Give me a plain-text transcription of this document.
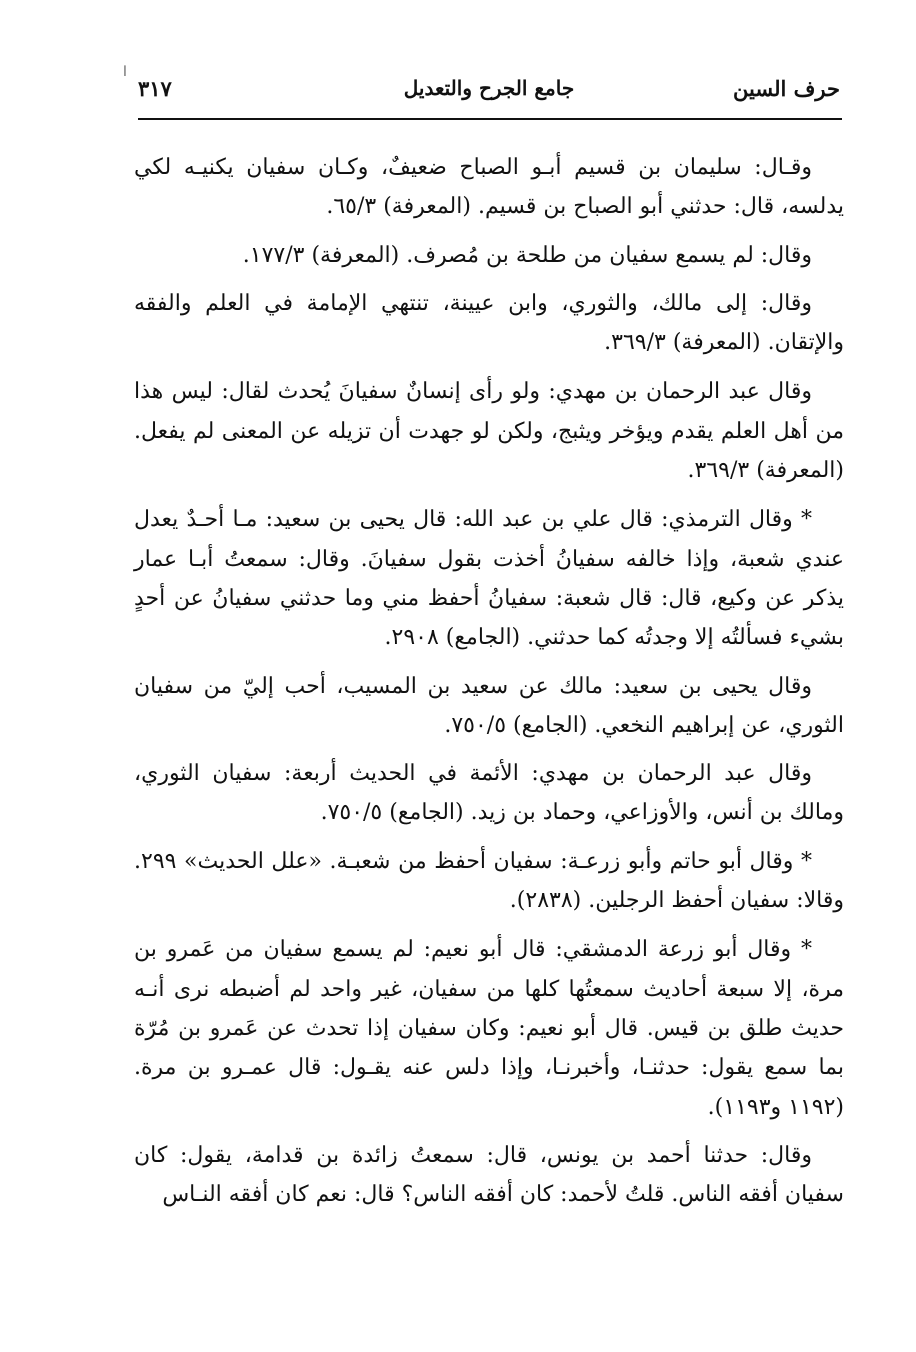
ا
حرف السين
جامع الجرح والتعديل
٣١٧

وقـال: سليمان بن قسيم أبـو الصباح ضعيفٌ، وكـان سفيان يكنيـه لكي يدلسه، قال: حدثني أبو الصباح بن قسيم. (المعرفة) ٦٥/٣.

وقال: لم يسمع سفيان من طلحة بن مُصرف. (المعرفة) ١٧٧/٣.

وقال: إلى مالك، والثوري، وابن عيينة، تنتهي الإمامة في العلم والفقه والإتقان. (المعرفة) ٣٦٩/٣.

وقال عبد الرحمان بن مهدي: ولو رأى إنسانٌ سفيانَ يُحدث لقال: ليس هذا من أهل العلم يقدم ويؤخر ويثبج، ولكن لو جهدت أن تزيله عن المعنى لم يفعل. (المعرفة) ٣٦٩/٣.

* وقال الترمذي: قال علي بن عبد الله: قال يحيى بن سعيد: مـا أحـدٌ يعدل عندي شعبة، وإذا خالفه سفيانُ أخذت بقول سفيانَ. وقال: سمعتُ أبـا عمار يذكر عن وكيع، قال: قال شعبة: سفيانُ أحفظ مني وما حدثني سفيانُ عن أحدٍ بشيء فسألتُه إلا وجدتُه كما حدثني. (الجامع) ٢٩٠٨.

وقال يحيى بن سعيد: مالك عن سعيد بن المسيب، أحب إليّ من سفيان الثوري، عن إبراهيم النخعي. (الجامع) ٧٥٠/٥.

وقال عبد الرحمان بن مهدي: الأئمة في الحديث أربعة: سفيان الثوري، ومالك بن أنس، والأوزاعي، وحماد بن زيد. (الجامع) ٧٥٠/٥.

* وقال أبو حاتم وأبو زرعـة: سفيان أحفظ من شعبـة. «علل الحديث» ٢٩٩. وقالا: سفيان أحفظ الرجلين. (٢٨٣٨).

* وقال أبو زرعة الدمشقي: قال أبو نعيم: لم يسمع سفيان من عَمرو بن مرة، إلا سبعة أحاديث سمعتُها كلها من سفيان، غير واحد لم أضبطه نرى أنـه حديث طلق بن قيس. قال أبو نعيم: وكان سفيان إذا تحدث عن عَمرو بن مُرّة بما سمع يقول: حدثنـا، وأخبرنـا، وإذا دلس عنه يقـول: قال عمـرو بن مرة. (١١٩٢ و١١٩٣).

وقال: حدثنا أحمد بن يونس، قال: سمعتُ زائدة بن قدامة، يقول: كان سفيان أفقه الناس. قلتُ لأحمد: كان أفقه الناس؟ قال: نعم كان أفقه النـاس
